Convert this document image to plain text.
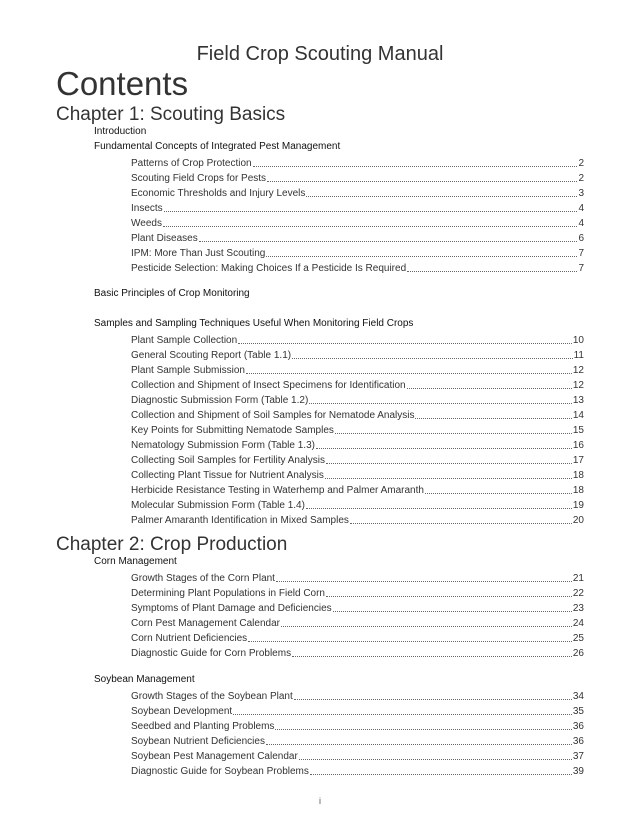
Field Crop Scouting Manual
Contents
Chapter 1: Scouting Basics
Introduction
Fundamental Concepts of Integrated Pest Management
Patterns of Crop Protection	2
Scouting Field Crops for Pests	2
Economic Thresholds and Injury Levels	3
Insects	4
Weeds	4
Plant Diseases	6
IPM: More Than Just Scouting	7
Pesticide Selection: Making Choices If a Pesticide Is Required	7
Basic Principles of Crop Monitoring
Samples and Sampling Techniques Useful When Monitoring Field Crops
Plant Sample Collection	10
General Scouting Report (Table 1.1)	11
Plant Sample Submission	12
Collection and Shipment of Insect Specimens for Identification	12
Diagnostic Submission Form (Table 1.2)	13
Collection and Shipment of Soil Samples for Nematode Analysis	14
Key Points for Submitting Nematode Samples	15
Nematology Submission Form (Table 1.3)	16
Collecting Soil Samples for Fertility Analysis	17
Collecting Plant Tissue for Nutrient Analysis	18
Herbicide Resistance Testing in Waterhemp and Palmer Amaranth	18
Molecular Submission Form (Table 1.4)	19
Palmer Amaranth Identification in Mixed Samples	20
Chapter 2: Crop Production
Corn Management
Growth Stages of the Corn Plant	21
Determining Plant Populations in Field Corn	22
Symptoms of Plant Damage and Deficiencies	23
Corn Pest Management Calendar	24
Corn Nutrient Deficiencies	25
Diagnostic Guide for Corn Problems	26
Soybean Management
Growth Stages of the Soybean Plant	34
Soybean Development	35
Seedbed and Planting Problems	36
Soybean Nutrient Deficiencies	36
Soybean Pest Management Calendar	37
Diagnostic Guide for Soybean Problems	39
i
